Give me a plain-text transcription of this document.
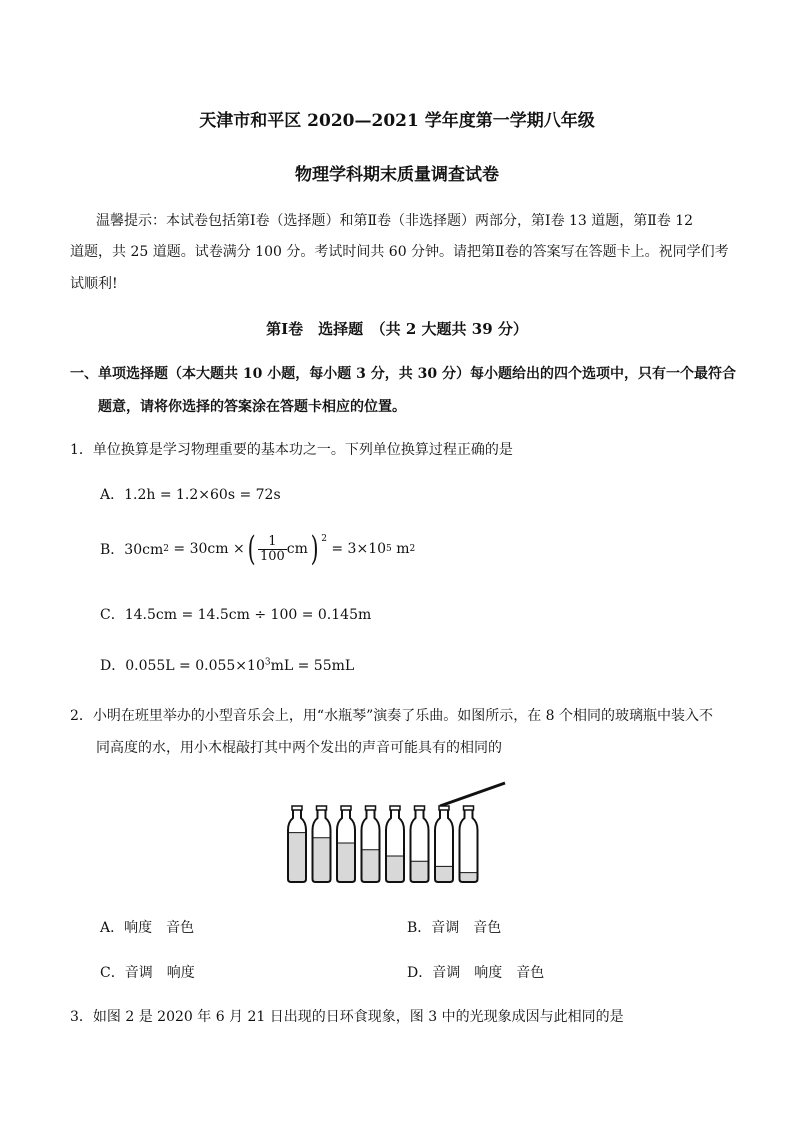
天津市和平区 2020—2021 学年度第一学期八年级
物理学科期末质量调查试卷
温馨提示：本试卷包括第Ⅰ卷（选择题）和第Ⅱ卷（非选择题）两部分，第Ⅰ卷 13 道题，第Ⅱ卷 12
道题，共 25 道题。试卷满分 100 分。考试时间共 60 分钟。请把第Ⅱ卷的答案写在答题卡上。祝同学们考
试顺利!
第Ⅰ卷　选择题　（共 2 大题共 39 分）
一、单项选择题（本大题共 10 小题，每小题 3 分，共 30 分）每小题给出的四个选项中，只有一个最符合
题意，请将你选择的答案涂在答题卡相应的位置。
1．单位换算是学习物理重要的基本功之一。下列单位换算过程正确的是
A．1.2h = 1.2×60s = 72s
B．30cm 2 = 30cm × ( $\frac{1}{100}$ cm ) $^2$
= 3×10 5 m 2
C．14.5cm = 14.5cm ÷ 100 = 0.145m
D．$0.055L = 0.055\times 10^3mL = 55mL$
2．小明在班里举办的小型音乐会上，用“水瓶琴”演奏了乐曲。如图所示，在 8 个相同的玻璃瓶中装入不
同高度的水，用小木棍敲打其中两个发出的声音可能具有的相同的
A．响度　音色	B．音调　音色
C．音调　响度	D．音调　响度　音色
3．如图 2 是 2020 年 6 月 21 日出现的日环食现象，图 3 中的光现象成因与此相同的是
